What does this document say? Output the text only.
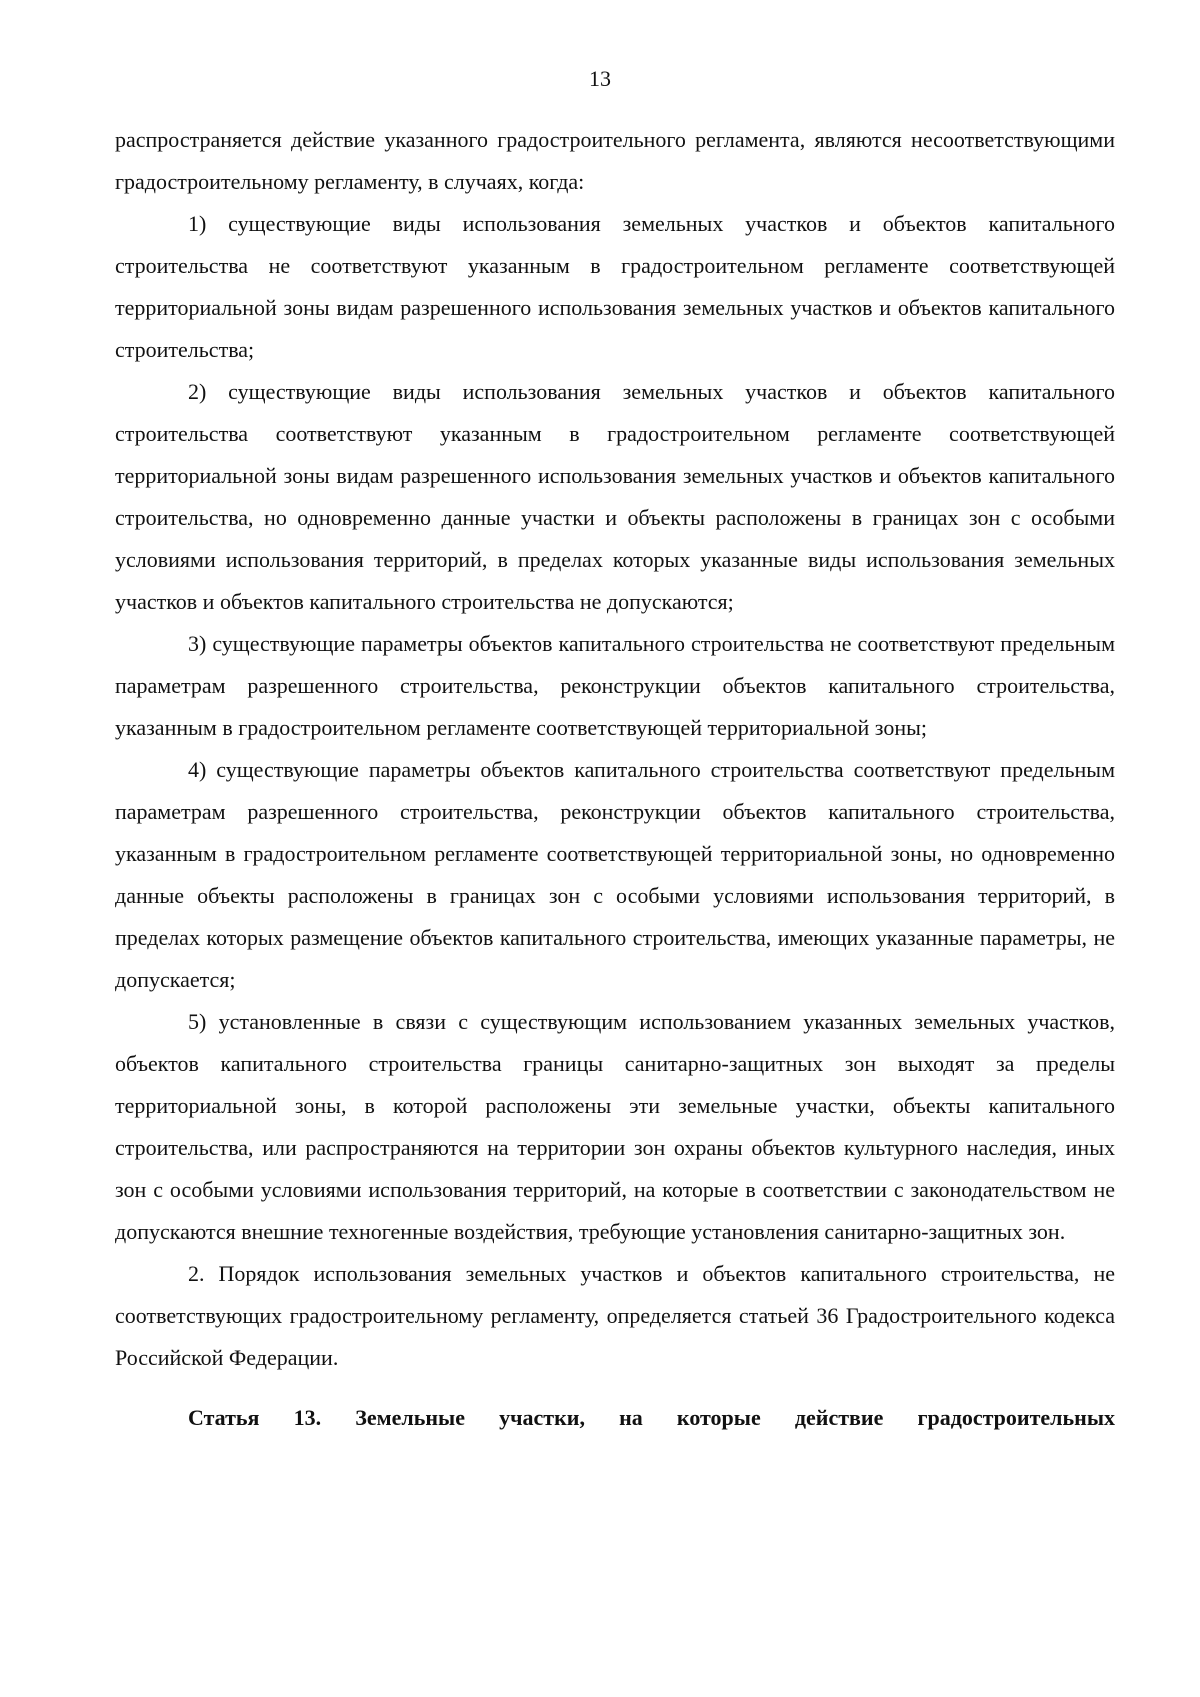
13

распространяется действие указанного градостроительного регламента, являются несоответствующими градостроительному регламенту, в случаях, когда:

1) существующие виды использования земельных участков и объектов капитального строительства не соответствуют указанным в градостроительном регламенте соответствующей территориальной зоны видам разрешенного использования земельных участков и объектов капитального строительства;

2) существующие виды использования земельных участков и объектов капитального строительства соответствуют указанным в градостроительном регламенте соответствующей территориальной зоны видам разрешенного использования земельных участков и объектов капитального строительства, но одновременно данные участки и объекты расположены в границах зон с особыми условиями использования территорий, в пределах которых указанные виды использования земельных участков и объектов капитального строительства не допускаются;

3) существующие параметры объектов капитального строительства не соответствуют предельным параметрам разрешенного строительства, реконструкции объектов капитального строительства, указанным в градостроительном регламенте соответствующей территориальной зоны;

4) существующие параметры объектов капитального строительства соответствуют предельным параметрам разрешенного строительства, реконструкции объектов капитального строительства, указанным в градостроительном регламенте соответствующей территориальной зоны, но одновременно данные объекты расположены в границах зон с особыми условиями использования территорий, в пределах которых размещение объектов капитального строительства, имеющих указанные параметры, не допускается;

5) установленные в связи с существующим использованием указанных земельных участков, объектов капитального строительства границы санитарно-защитных зон выходят за пределы территориальной зоны, в которой расположены эти земельные участки, объекты капитального строительства, или распространяются на территории зон охраны объектов культурного наследия, иных зон с особыми условиями использования территорий, на которые в соответствии с законодательством не допускаются внешние техногенные воздействия, требующие установления санитарно-защитных зон.

2. Порядок использования земельных участков и объектов капитального строительства, не соответствующих градостроительному регламенту, определяется статьей 36 Градостроительного кодекса Российской Федерации.

Статья 13. Земельные участки, на которые действие градостроительных
